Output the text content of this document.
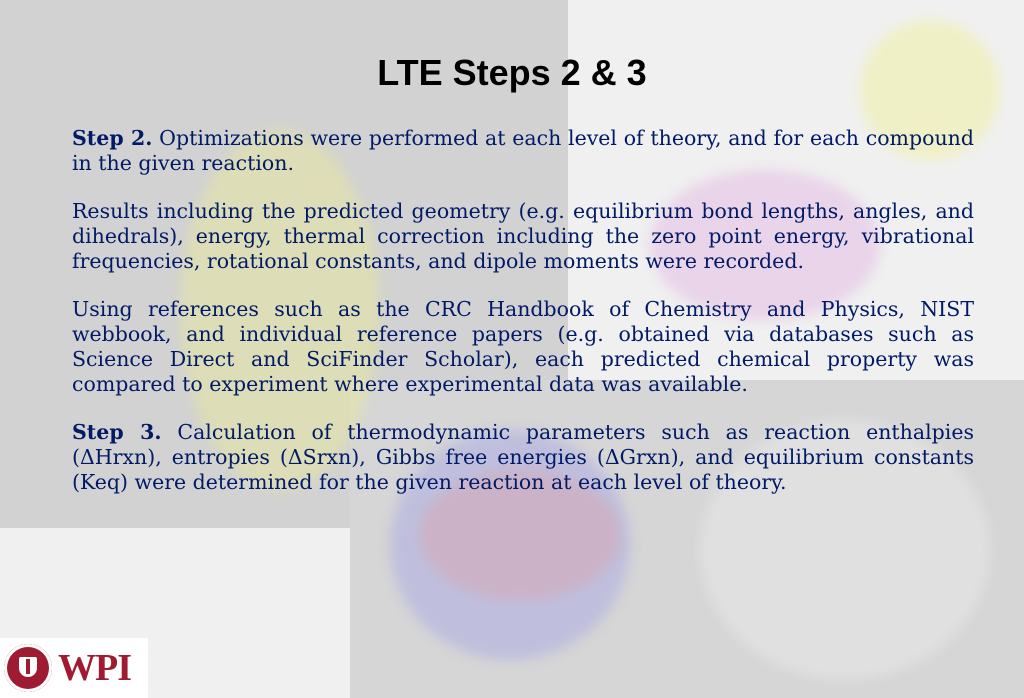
LTE Steps 2 & 3

Step 2. Optimizations were performed at each level of theory, and for each compound in the given reaction.

Results including the predicted geometry (e.g. equilibrium bond lengths, angles, and dihedrals), energy, thermal correction including the zero point energy, vibrational frequencies, rotational constants, and dipole moments were recorded.

Using references such as the CRC Handbook of Chemistry and Physics, NIST webbook, and individual reference papers (e.g. obtained via databases such as Science Direct and SciFinder Scholar), each predicted chemical property was compared to experiment where experimental data was available.

Step 3. Calculation of thermodynamic parameters such as reaction enthalpies (ΔHrxn), entropies (ΔSrxn), Gibbs free energies (ΔGrxn), and equilibrium constants (Keq) were determined for the given reaction at each level of theory.

WPI
